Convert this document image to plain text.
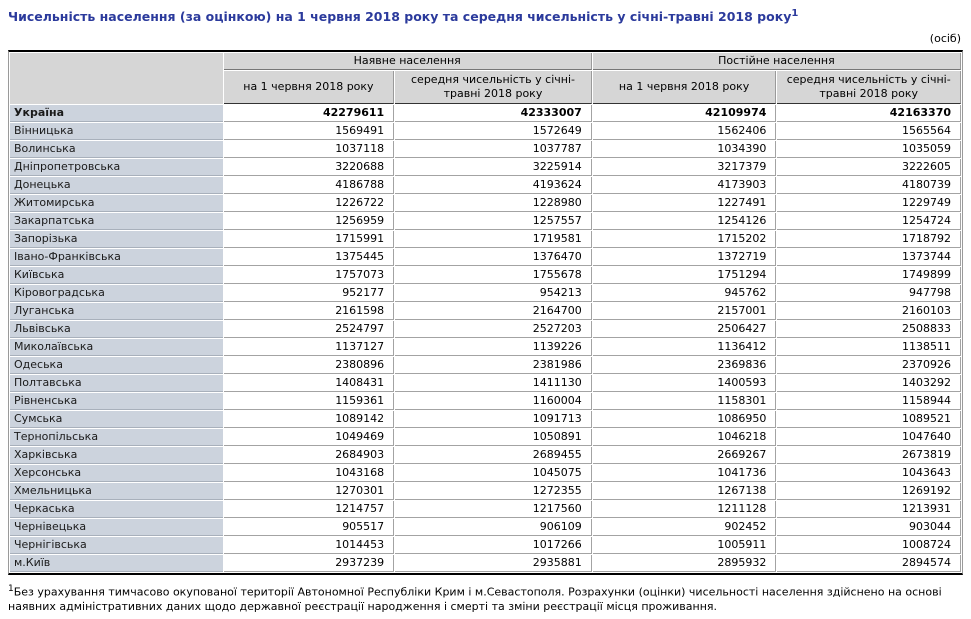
Чисельність населення (за оцінкою) на 1 червня 2018 року та середня чисельність у січні-травні 2018 року$^1$
(осіб)
	Наявне населення		Постійне населення	
	на 1 червня 2018 року	середня чисельність у січні-травні 2018 року	на 1 червня 2018 року	середня чисельність у січні-травні 2018 року
Україна	42279611	42333007	42109974	42163370
Вінницька	1569491	1572649	1562406	1565564
Волинська	1037118	1037787	1034390	1035059
Дніпропетровська	3220688	3225914	3217379	3222605
Донецька	4186788	4193624	4173903	4180739
Житомирська	1226722	1228980	1227491	1229749
Закарпатська	1256959	1257557	1254126	1254724
Запорізька	1715991	1719581	1715202	1718792
Івано-Франківська	1375445	1376470	1372719	1373744
Київська	1757073	1755678	1751294	1749899
Кіровоградська	952177	954213	945762	947798
Луганська	2161598	2164700	2157001	2160103
Львівська	2524797	2527203	2506427	2508833
Миколаївська	1137127	1139226	1136412	1138511
Одеська	2380896	2381986	2369836	2370926
Полтавська	1408431	1411130	1400593	1403292
Рівненська	1159361	1160004	1158301	1158944
Сумська	1089142	1091713	1086950	1089521
Тернопільська	1049469	1050891	1046218	1047640
Харківська	2684903	2689455	2669267	2673819
Херсонська	1043168	1045075	1041736	1043643
Хмельницька	1270301	1272355	1267138	1269192
Черкаська	1214757	1217560	1211128	1213931
Чернівецька	905517	906109	902452	903044
Чернігівська	1014453	1017266	1005911	1008724
м.Київ	2937239	2935881	2895932	2894574
$^1$Без урахування тимчасово окупованої території Автономної Республіки Крим і м.Севастополя. Розрахунки (оцінки) чисельності населення здійснено на основі наявних адміністративних даних щодо державної реєстрації народження і смерті та зміни реєстрації місця проживання.
